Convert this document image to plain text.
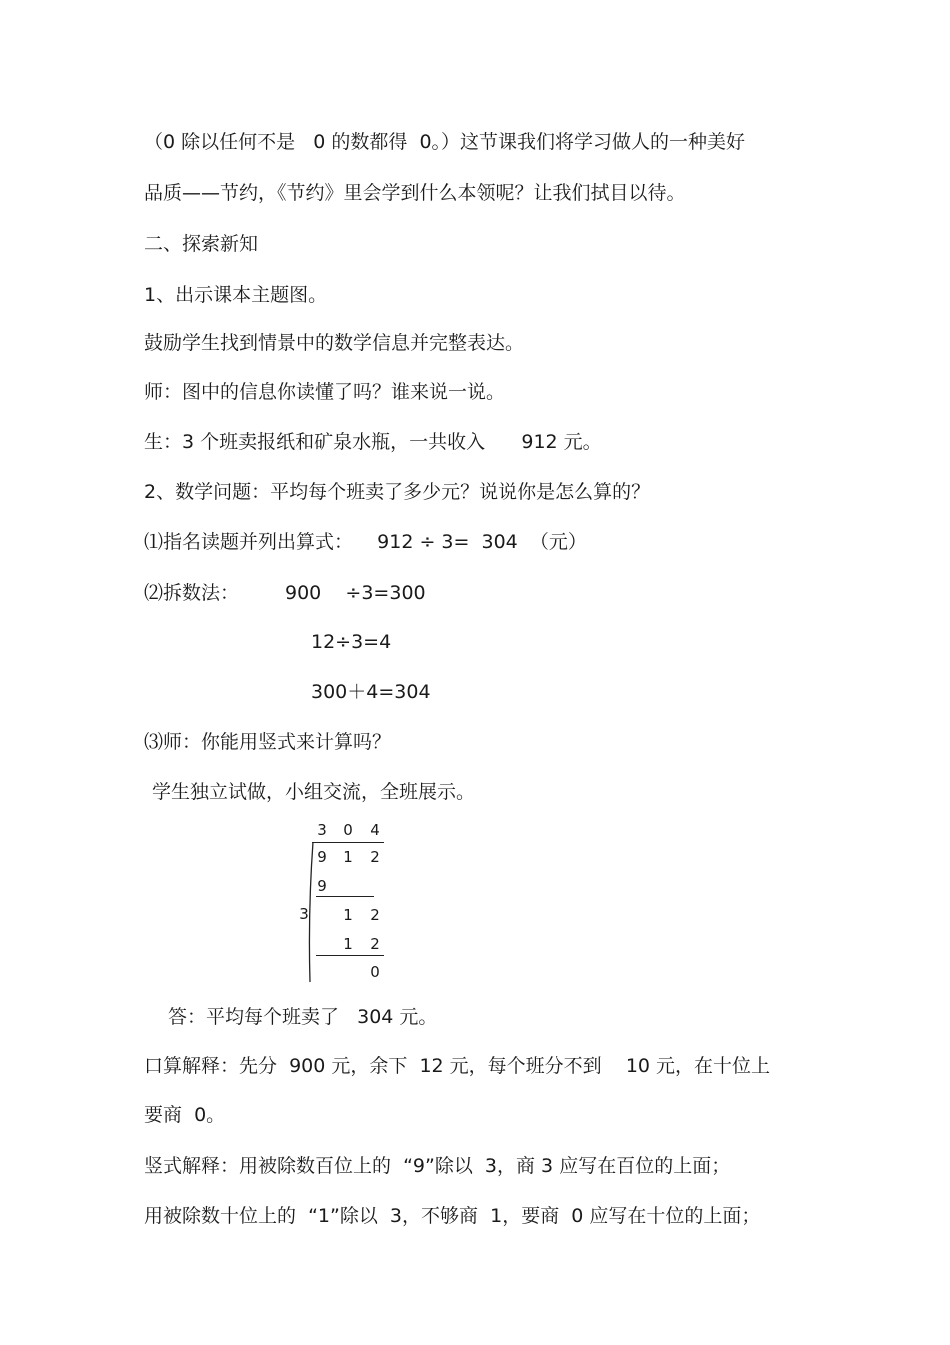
（0 除以任何不是   0 的数都得  0。）这节课我们将学习做人的一种美好
品质——节约，《节约》里会学到什么本领呢？让我们拭目以待。
二、探索新知
1、出示课本主题图。
鼓励学生找到情景中的数学信息并完整表达。
师：图中的信息你读懂了吗？谁来说一说。
生：3 个班卖报纸和矿泉水瓶，一共收入      912 元。
2、数学问题：平均每个班卖了多少元？说说你是怎么算的？
⑴指名读题并列出算式：    912 ÷ 3=  304  （元）
⑵拆数法： 900    ÷3=300
12÷3=4
300＋4=304
⑶师：你能用竖式来计算吗？
学生独立试做，小组交流，全班展示。
3 0 4
9 1 2
3
9
1 2
1 2
0
答：平均每个班卖了   304 元。
口算解释：先分  900 元，余下  12 元，每个班分不到    10 元，在十位上
要商  0。
竖式解释：用被除数百位上的  “9”除以  3，商 3 应写在百位的上面；
用被除数十位上的  “1”除以  3，不够商  1，要商  0 应写在十位的上面；
